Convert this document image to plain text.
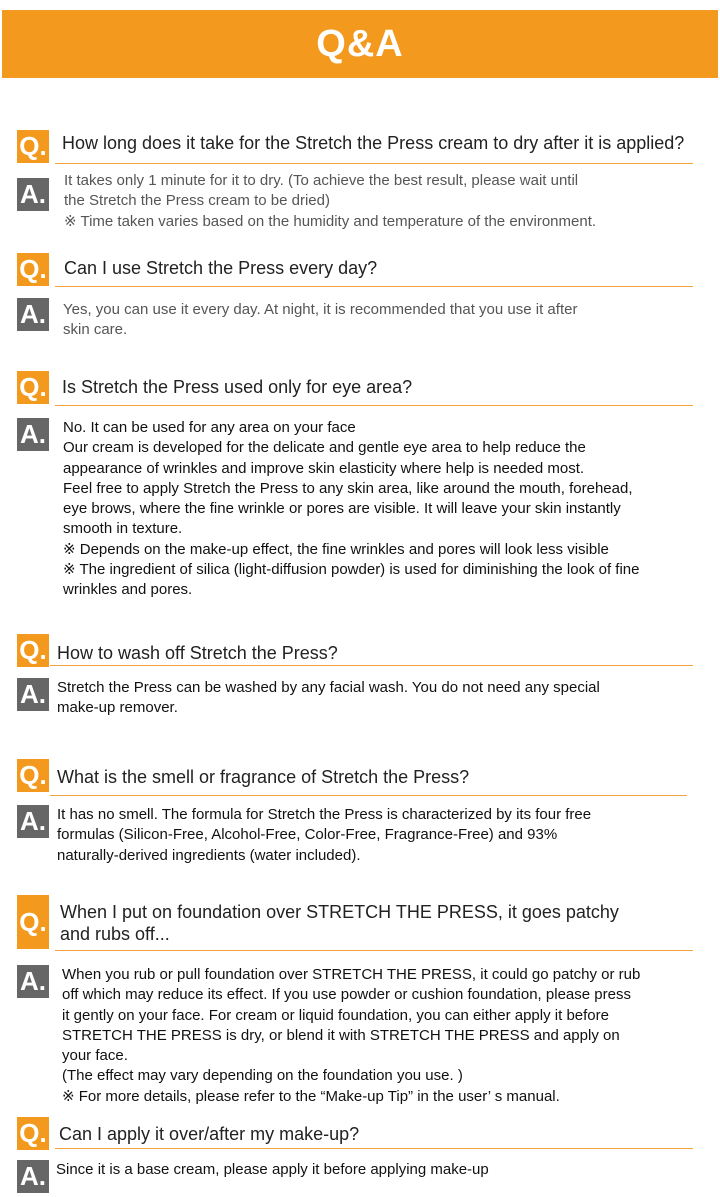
Q&A
Q. How long does it take for the Stretch the Press cream to dry after it is applied?
A. It takes only 1 minute for it to dry. (To achieve the best result, please wait until

the Stretch the Press cream to be dried)

※ Time taken varies based on the humidity and temperature of the environment.

Q. Can I use Stretch the Press every day?
A. Yes, you can use it every day. At night, it is recommended that you use it after

skin care.

Q. Is Stretch the Press used only for eye area?
A. No. It can be used for any area on your face

Our cream is developed for the delicate and gentle eye area to help reduce the

appearance of wrinkles and improve skin elasticity where help is needed most.

Feel free to apply Stretch the Press to any skin area, like around the mouth, forehead,

eye brows, where the fine wrinkle or pores are visible. It will leave your skin instantly

smooth in texture.

※ Depends on the make-up effect, the fine wrinkles and pores will look less visible

※ The ingredient of silica (light-diffusion powder) is used for diminishing the look of fine

wrinkles and pores.

Q. How to wash off Stretch the Press?
A. Stretch the Press can be washed by any facial wash. You do not need any special

make-up remover.

Q. What is the smell or fragrance of Stretch the Press?
A. It has no smell. The formula for Stretch the Press is characterized by its four free

formulas (Silicon-Free, Alcohol-Free, Color-Free, Fragrance-Free) and 93%

naturally-derived ingredients (water included).

Q. When I put on foundation over STRETCH THE PRESS, it goes patchy

and rubs off...

A. When you rub or pull foundation over STRETCH THE PRESS, it could go patchy or rub

off which may reduce its effect. If you use powder or cushion foundation, please press

it gently on your face. For cream or liquid foundation, you can either apply it before

STRETCH THE PRESS is dry, or blend it with STRETCH THE PRESS and apply on

your face.

(The effect may vary depending on the foundation you use. )

※ For more details, please refer to the “Make-up Tip” in the user’ s manual.

Q. Can I apply it over/after my make-up?
A. Since it is a base cream, please apply it before applying make-up
